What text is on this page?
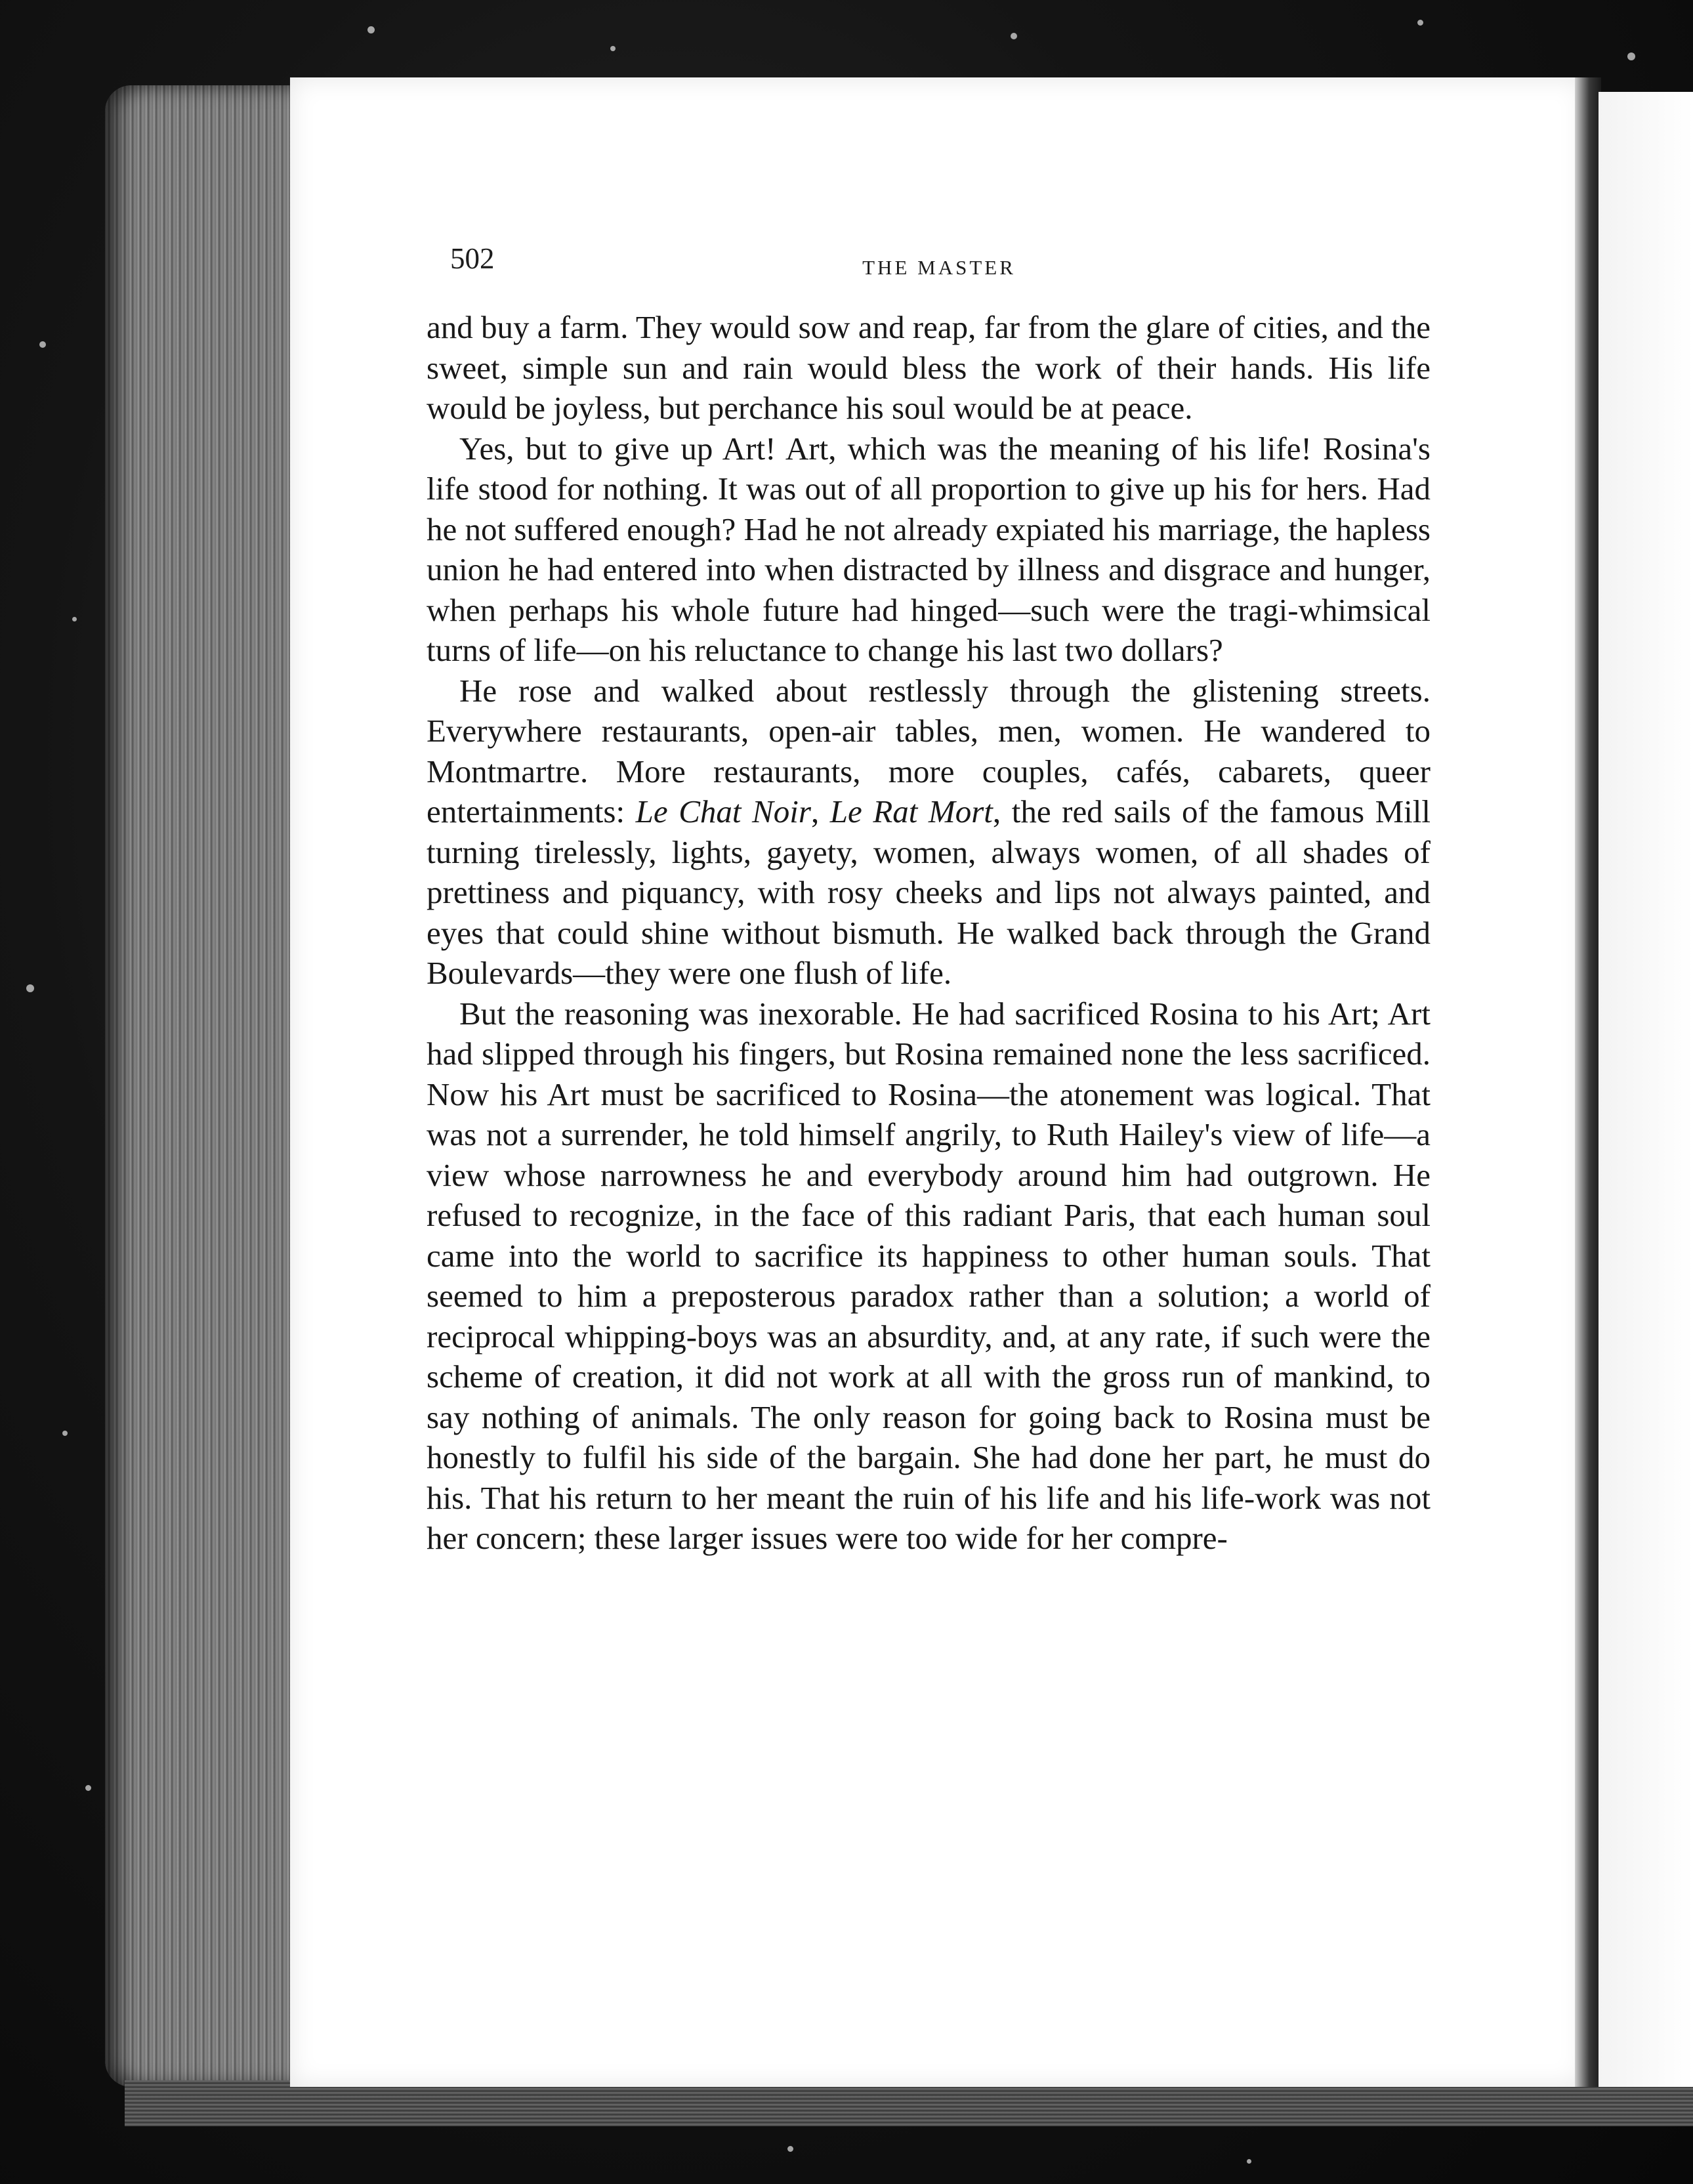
502	THE MASTER

and buy a farm. They would sow and reap, far from the glare of cities, and the sweet, simple sun and rain would bless the work of their hands. His life would be joyless, but perchance his soul would be at peace.

Yes, but to give up Art! Art, which was the meaning of his life! Rosina's life stood for nothing. It was out of all proportion to give up his for hers. Had he not suffered enough? Had he not already expiated his marriage, the hapless union he had entered into when distracted by illness and disgrace and hunger, when perhaps his whole future had hinged—such were the tragi-whimsical turns of life—on his reluctance to change his last two dollars?

He rose and walked about restlessly through the glistening streets. Everywhere restaurants, open-air tables, men, women. He wandered to Montmartre. More restaurants, more couples, cafés, cabarets, queer entertainments: Le Chat Noir, Le Rat Mort, the red sails of the famous Mill turning tirelessly, lights, gayety, women, always women, of all shades of prettiness and piquancy, with rosy cheeks and lips not always painted, and eyes that could shine without bismuth. He walked back through the Grand Boulevards—they were one flush of life.

But the reasoning was inexorable. He had sacrificed Rosina to his Art; Art had slipped through his fingers, but Rosina remained none the less sacrificed. Now his Art must be sacrificed to Rosina—the atonement was logical. That was not a surrender, he told himself angrily, to Ruth Hailey's view of life—a view whose narrowness he and everybody around him had outgrown. He refused to recognize, in the face of this radiant Paris, that each human soul came into the world to sacrifice its happiness to other human souls. That seemed to him a preposterous paradox rather than a solution; a world of reciprocal whipping-boys was an absurdity, and, at any rate, if such were the scheme of creation, it did not work at all with the gross run of mankind, to say nothing of animals. The only reason for going back to Rosina must be honestly to fulfil his side of the bargain. She had done her part, he must do his. That his return to her meant the ruin of his life and his life-work was not her concern; these larger issues were too wide for her compre-
